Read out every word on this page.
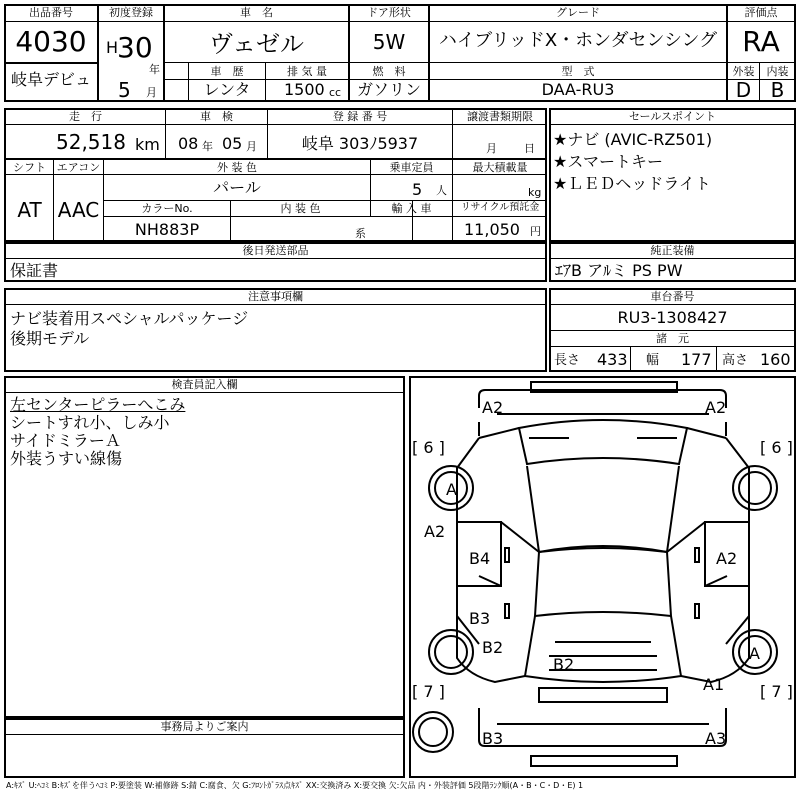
出品番号
4030
岐阜デビュ
初度登録
H
30
年
5 月
車　名
ヴェゼル
ドア形状
5W
グレード
ハイブリッドX・ホンダセンシング
評価点
RA
外装	内装
D B
車　歴
レンタ
排 気 量
1500 cc
燃　料
ガソリン
型　式
DAA-RU3
セールスポイント
★ナビ (AVIC-RZ501)
★スマートキー
★ＬＥＤヘッドライト
走　行
52,518 km
車　検
08 年 05 月
登 録 番 号
岐阜 303ﾉ5937
譲渡書類期限
月 日
シフト
AT
エアコン
AAC
外 装 色
パール
乗車定員
5 人
最大積載量
kg
カラーNo.
NH883P
内 装 色
系
輸 入 車	リサイクル預託金
11,050 円
後日発送部品
保証書
純正装備
ｴｱB アﾙミ PS PW
注意事項欄
ナビ装着用スペシャルパッケージ
後期モデル
車台番号
RU3-1308427
諸　元
長さ 433 幅 177 高さ 160
検査員記入欄
左センターピラーへこみ
シートすれ小、しみ小
サイドミラーＡ
外装うすい線傷
事務局よりご案内
A2	A2
[ 6 ]	[ 6 ]
A
A2
B4	A2
B3
B2
B2
A
A1
[ 7 ]	[ 7 ]
B3	A3
A:ｷｽﾞ U:ﾍｺﾐ B:ｷｽﾞを伴うﾍｺﾐ P:要塗装 W:補修跡 S:錆 C:腐食、欠 G:ﾌﾛﾝﾄｶﾞﾗｽ点ｷｽﾞ XX:交換済み X:要交換 欠:欠品 内・外装評価 5段階ﾗﾝｸ順(A・B・C・D・E) 1
